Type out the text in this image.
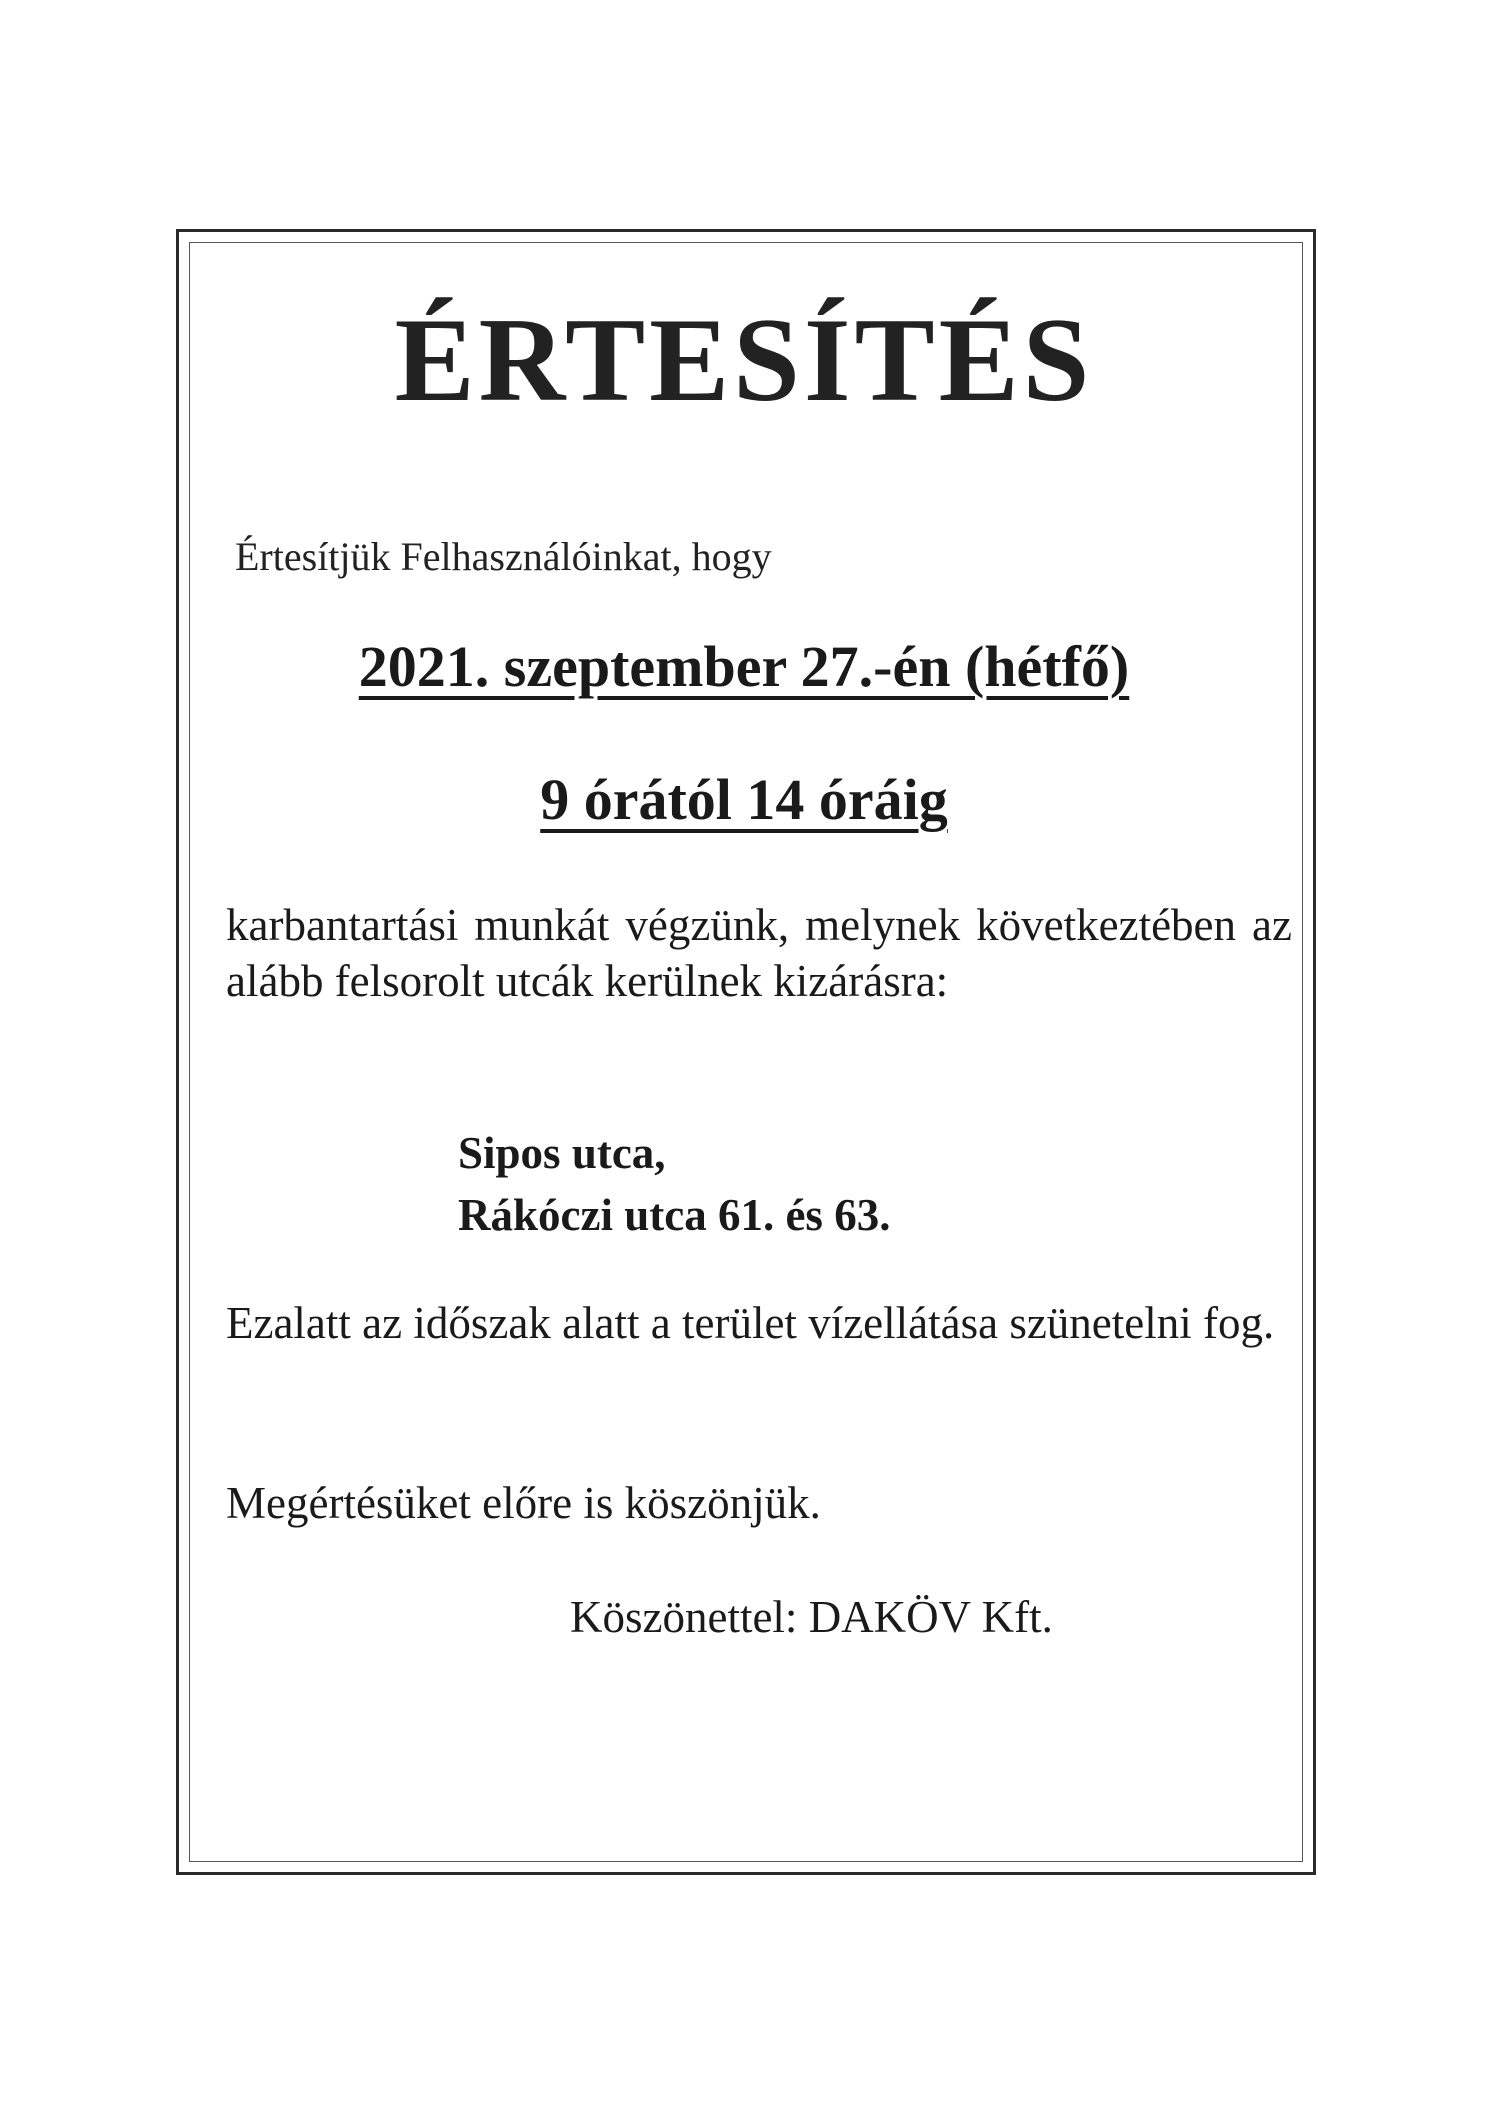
ÉRTESÍTÉS
Értesítjük Felhasználóinkat, hogy
2021. szeptember 27.-én (hétfő)
9 órától 14 óráig
karbantartási munkát végzünk, melynek következtében az alább felsorolt utcák kerülnek kizárásra:
Sipos utca,
Rákóczi utca 61. és 63.
Ezalatt az időszak alatt a terület vízellátása szünetelni fog.
Megértésüket előre is köszönjük.
Köszönettel: DAKÖV Kft.
